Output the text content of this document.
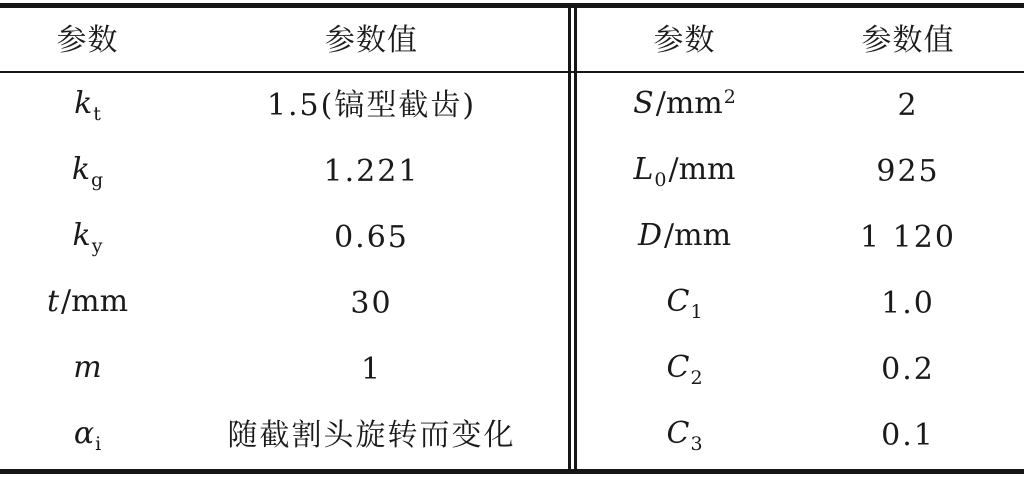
参数	参数值
$k_t$	1.5(镐型截齿)
$k_g$	1.221
$k_y$	0.65
t/mm	30
m	1
$\alpha_i$	随截割头旋转而变化
参数	参数值
$S/mm^2$	2
$L_0/mm$	925
D/mm	1 120
$C_1$	1.0
$C_2$	0.2
$C_3$	0.1
